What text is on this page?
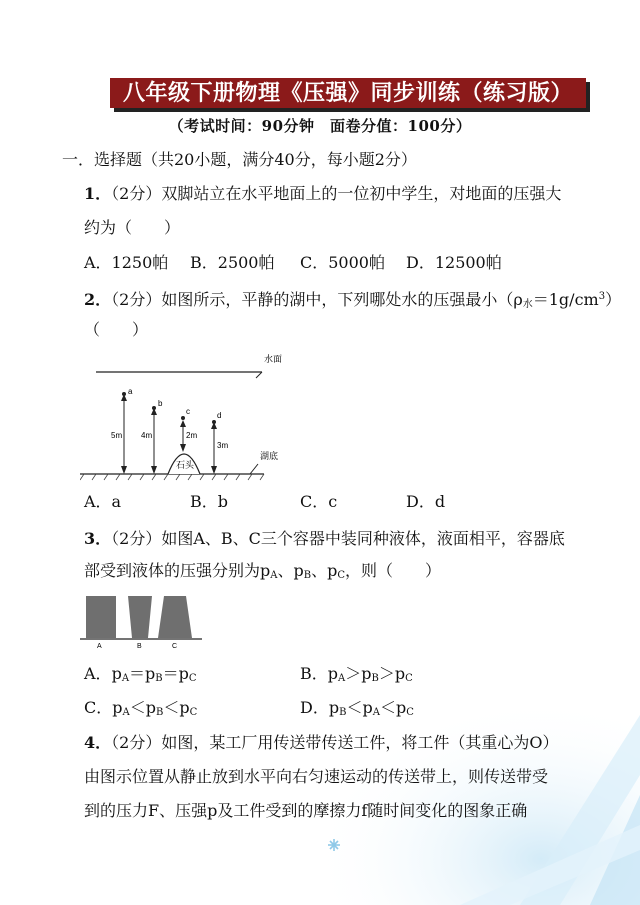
八年级下册物理《压强》同步训练（练习版）
（考试时间：90分钟　面卷分值：100分）
一．选择题（共20小题，满分40分，每小题2分）
1．（2分）双脚站立在水平地面上的一位初中学生，对地面的压强大
约为（　　）
A．1250帕 B．2500帕 C．5000帕 D．12500帕
2．（2分）如图所示，平静的湖中，下列哪处水的压强最小$(\rho_水=1g/cm^3)$
（　　）
水面
湖底
石头
a
5m
b
4m
c
2m
d
3m
A．a	B．b	C．c	D．d
3．（2分）如图A、B、C三个容器中装同种液体，液面相平，容器底
部受到液体的压强分别为$p_A$、$p_B$、$p_C$，则（　　）
A	B	C
A．$p_A=p_B=p_C$	B．$p_A>p_B>p_C$
C．$p_A<p_B<p_C$	D．$p_B<p_A<p_C$
4．（2分）如图，某工厂用传送带传送工件，将工件（其重心为O）
由图示位置从静止放到水平向右匀速运动的传送带上，则传送带受
到的压力F、压强p及工件受到的摩擦力f随时间变化的图象正确
